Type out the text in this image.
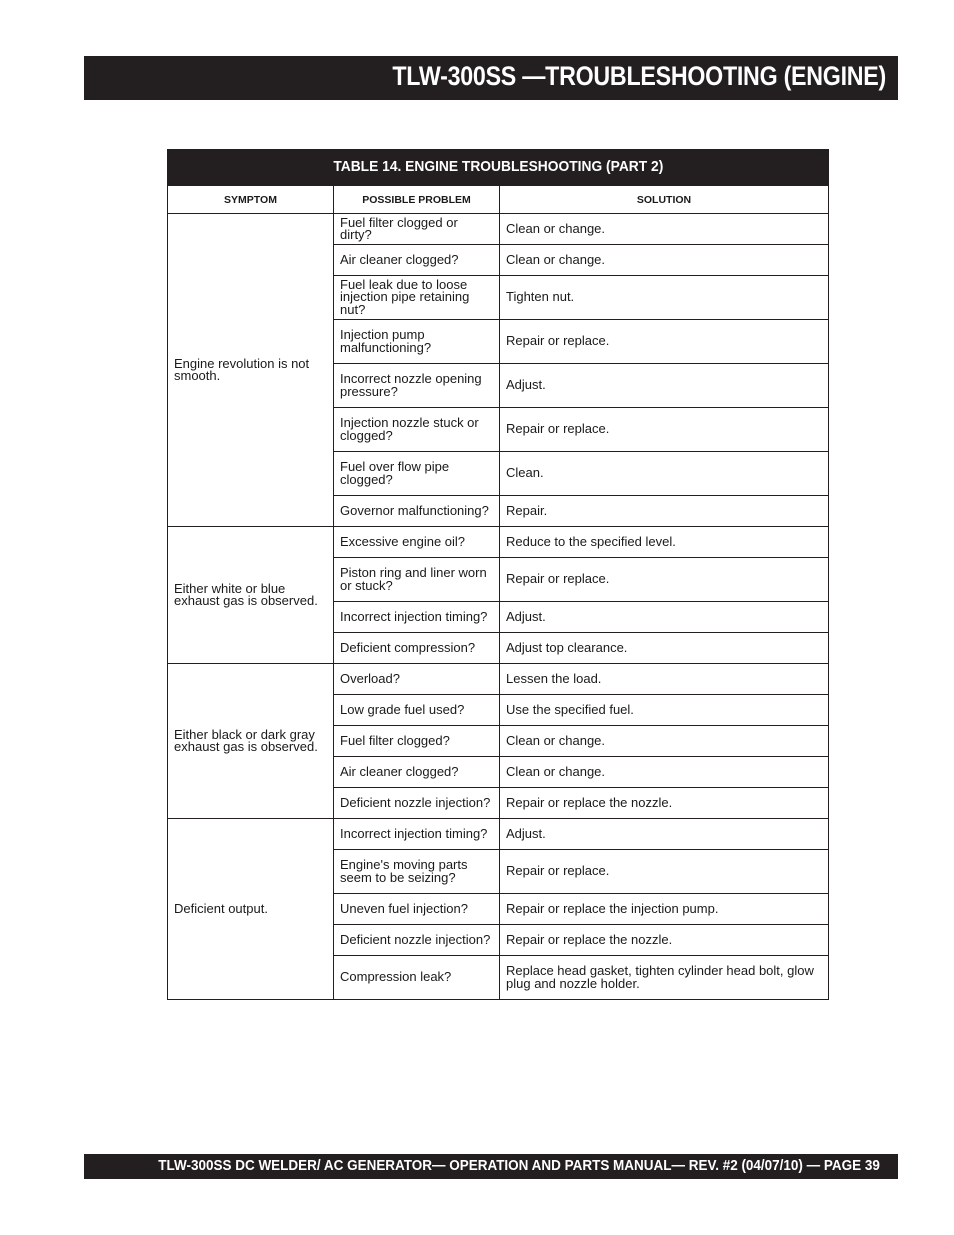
TLW-300SS —TROUBLESHOOTING (ENGINE)
TABLE 14. ENGINE TROUBLESHOOTING (PART 2)		
SYMPTOM	POSSIBLE PROBLEM	SOLUTION
Engine revolution is not smooth.	Fuel filter clogged or dirty?	Clean or change.
	Air cleaner clogged?	Clean or change.
	Fuel leak due to loose injection pipe retaining nut?	Tighten nut.
	Injection pump malfunctioning?	Repair or replace.
	Incorrect nozzle opening pressure?	Adjust.
	Injection nozzle stuck or clogged?	Repair or replace.
	Fuel over flow pipe clogged?	Clean.
	Governor malfunctioning?	Repair.
Either white or blue exhaust gas is observed.	Excessive engine oil?	Reduce to the specified level.
	Piston ring and liner worn or stuck?	Repair or replace.
	Incorrect injection timing?	Adjust.
	Deficient compression?	Adjust top clearance.
Either black or dark gray exhaust gas is observed.	Overload?	Lessen the load.
	Low grade fuel used?	Use the specified fuel.
	Fuel filter clogged?	Clean or change.
	Air cleaner clogged?	Clean or change.
	Deficient nozzle injection?	Repair or replace the nozzle.
Deficient output.	Incorrect injection timing?	Adjust.
	Engine's moving parts seem to be seizing?	Repair or replace.
	Uneven fuel injection?	Repair or replace the injection pump.
	Deficient nozzle injection?	Repair or replace the nozzle.
	Compression leak?	Replace head gasket, tighten cylinder head bolt, glow plug and nozzle holder.
TLW-300SS DC WELDER/ AC GENERATOR— OPERATION AND PARTS MANUAL— REV. #2 (04/07/10) — PAGE 39
